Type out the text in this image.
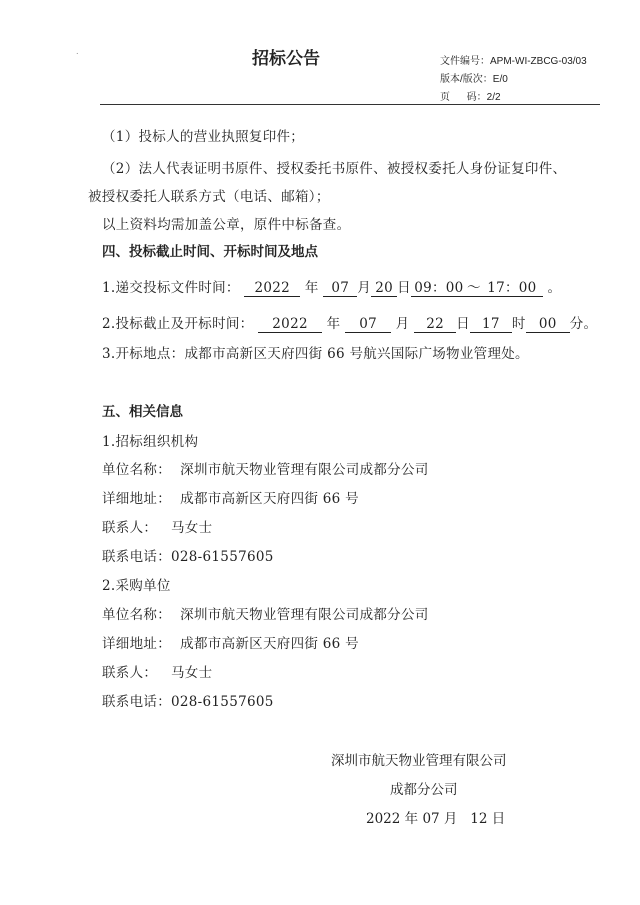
.	招标公告	文件编号：APM-WI-ZBCG-03/03
版本/版次：E/0
页      码：2/2
（1）投标人的营业执照复印件；
（2）法人代表证明书原件、授权委托书原件、被授权委托人身份证复印件、
被授权委托人联系方式（电话、邮箱）；
以上资料均需加盖公章，原件中标备查。
四、投标截止时间、开标时间及地点
1.递交投标文件时间： 2022 年 07 月 20 日 09：00 ～ 17：00 。
2.投标截止及开标时间： 2022 年 07 月 22 日 17 时 00 分。
3.开标地点：成都市高新区天府四街 66 号航兴国际广场物业管理处。
五、相关信息
1.招标组织机构
单位名称：  深圳市航天物业管理有限公司成都分公司
详细地址：  成都市高新区天府四街 66 号
联系人：   马女士
联系电话：028-61557605
2.采购单位
单位名称：  深圳市航天物业管理有限公司成都分公司
详细地址：  成都市高新区天府四街 66 号
联系人：   马女士
联系电话：028-61557605
深圳市航天物业管理有限公司
成都分公司
2022 年 07 月   12 日
